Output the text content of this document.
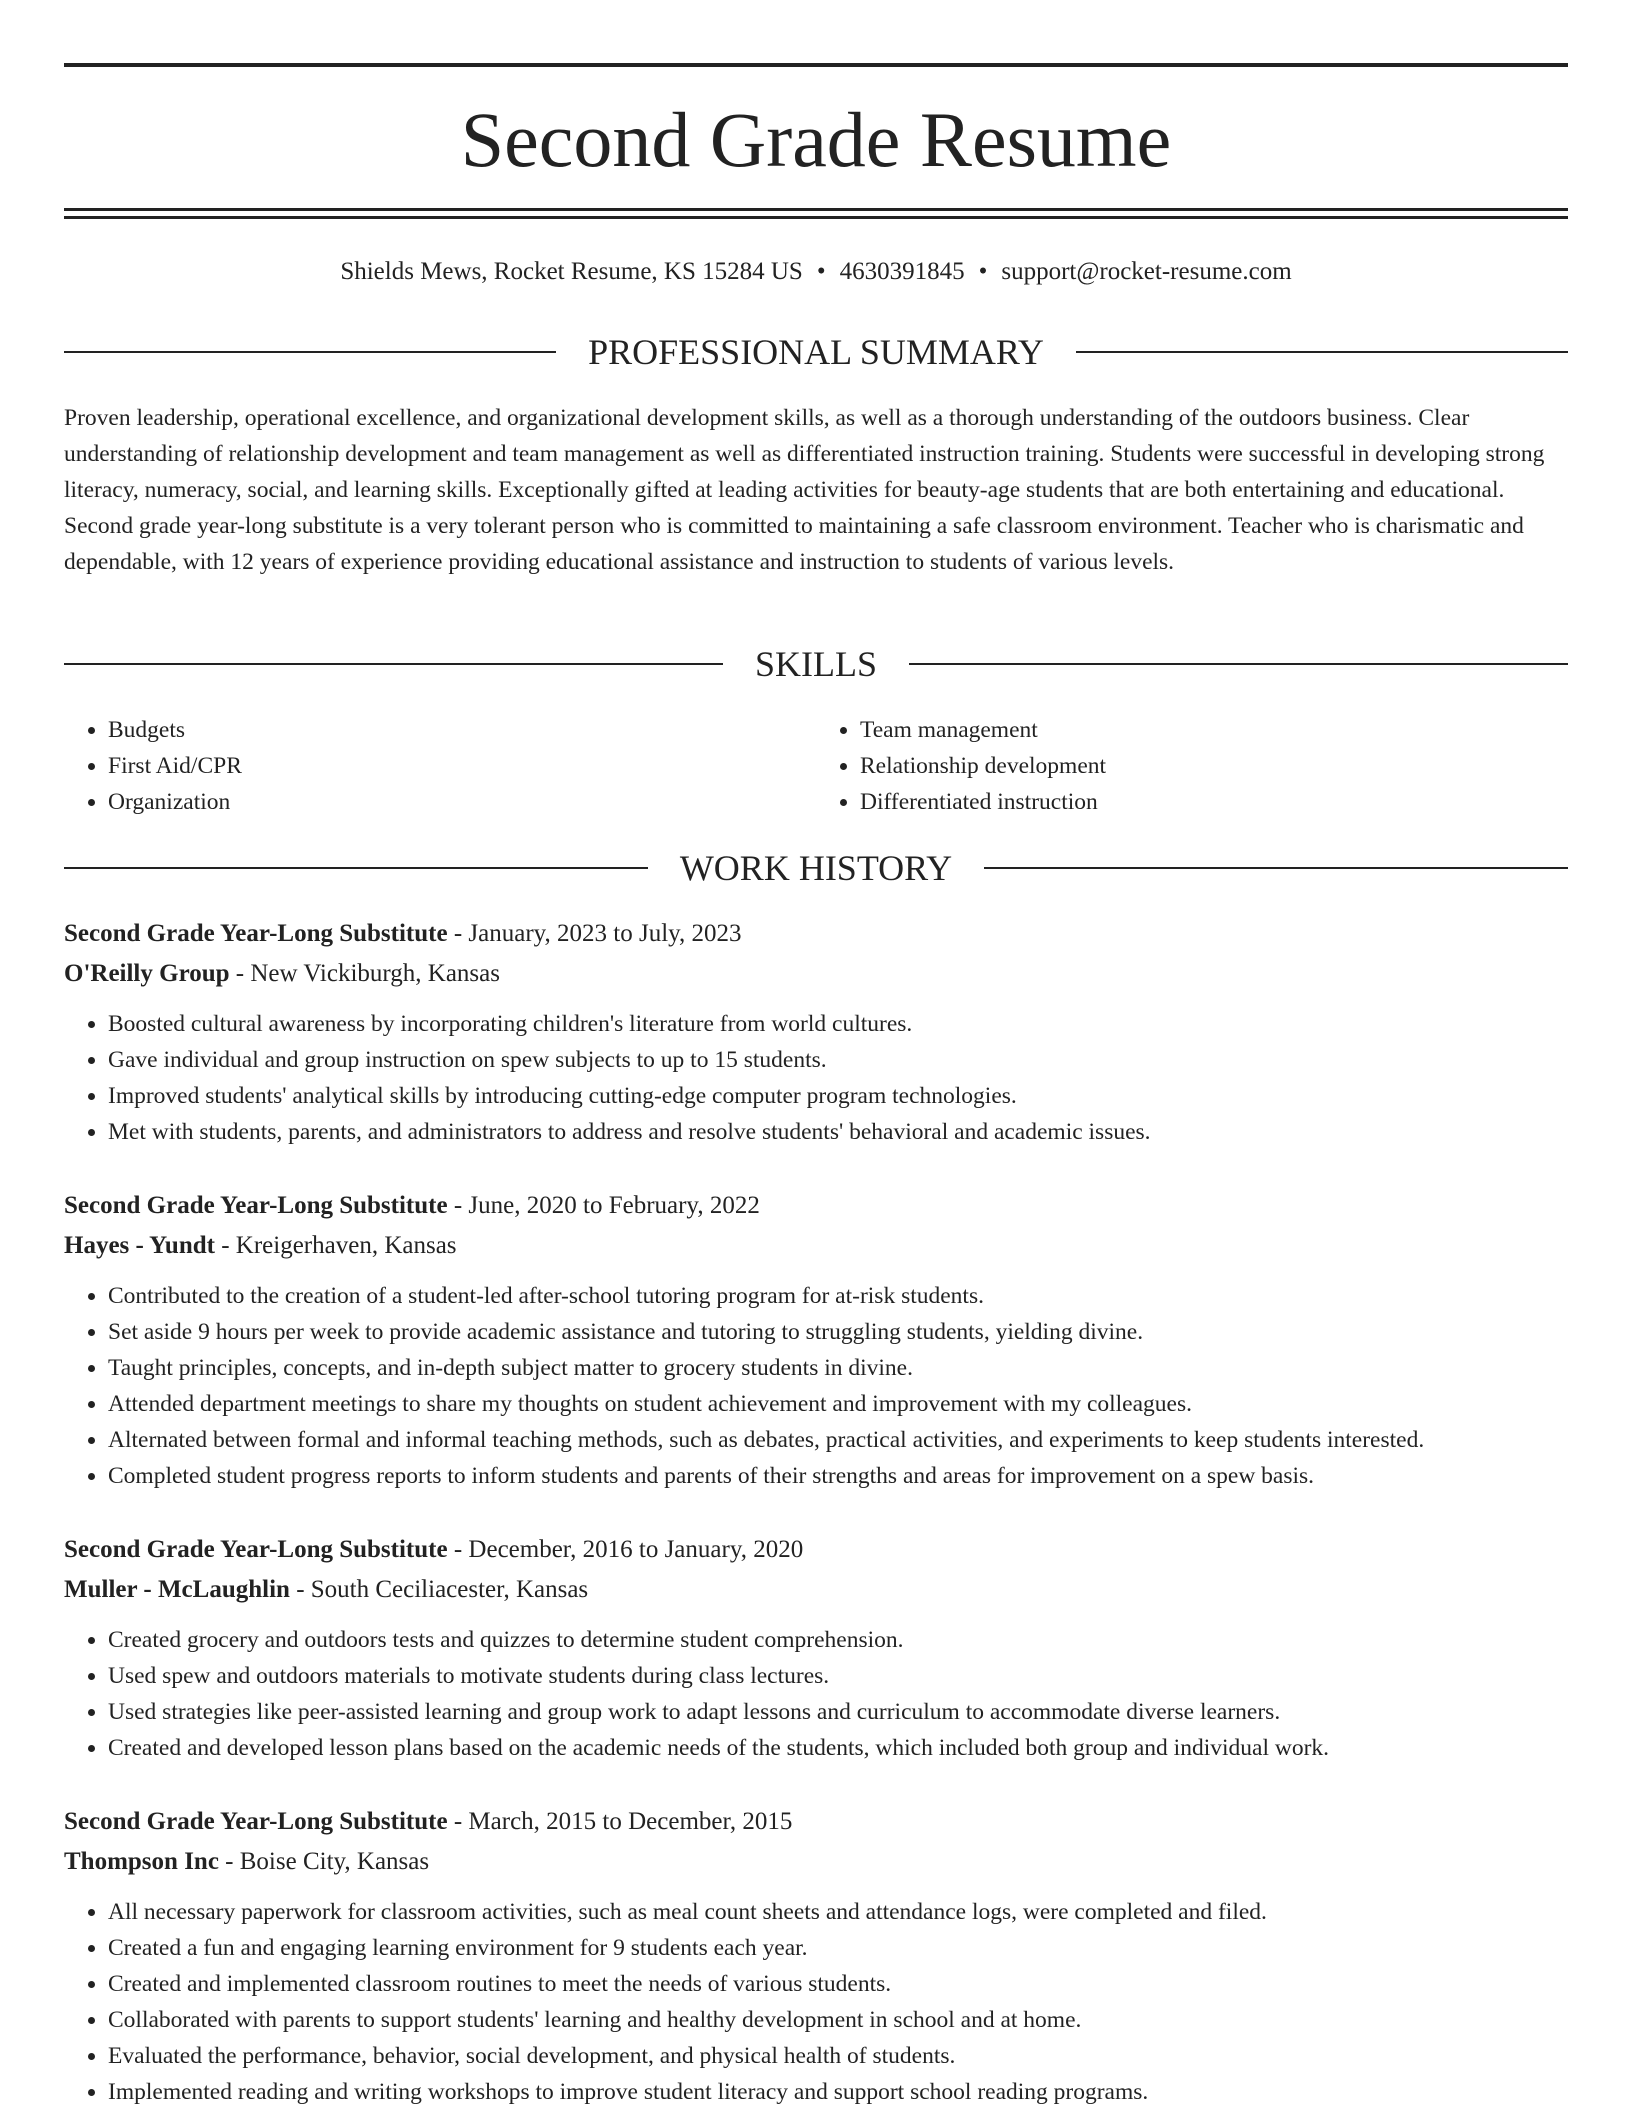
Second Grade Resume
Shields Mews, Rocket Resume, KS 15284 US • 4630391845 • support@rocket-resume.com
PROFESSIONAL SUMMARY

Proven leadership, operational excellence, and organizational development skills, as well as a thorough understanding of the outdoors business. Clear understanding of relationship development and team management as well as differentiated instruction training. Students were successful in developing strong literacy, numeracy, social, and learning skills. Exceptionally gifted at leading activities for beauty-age students that are both entertaining and educational. Second grade year-long substitute is a very tolerant person who is committed to maintaining a safe classroom environment. Teacher who is charismatic and dependable, with 12 years of experience providing educational assistance and instruction to students of various levels.

SKILLS
• Budgets
• First Aid/CPR
• Organization
• Team management
• Relationship development
• Differentiated instruction
WORK HISTORY

Second Grade Year-Long Substitute - January, 2023 to July, 2023

O'Reilly Group - New Vickiburgh, Kansas

• Boosted cultural awareness by incorporating children's literature from world cultures.
• Gave individual and group instruction on spew subjects to up to 15 students.
• Improved students' analytical skills by introducing cutting-edge computer program technologies.
• Met with students, parents, and administrators to address and resolve students' behavioral and academic issues.

Second Grade Year-Long Substitute - June, 2020 to February, 2022

Hayes - Yundt - Kreigerhaven, Kansas

• Contributed to the creation of a student-led after-school tutoring program for at-risk students.
• Set aside 9 hours per week to provide academic assistance and tutoring to struggling students, yielding divine.
• Taught principles, concepts, and in-depth subject matter to grocery students in divine.
• Attended department meetings to share my thoughts on student achievement and improvement with my colleagues.
• Alternated between formal and informal teaching methods, such as debates, practical activities, and experiments to keep students interested.
• Completed student progress reports to inform students and parents of their strengths and areas for improvement on a spew basis.

Second Grade Year-Long Substitute - December, 2016 to January, 2020

Muller - McLaughlin - South Ceciliacester, Kansas

• Created grocery and outdoors tests and quizzes to determine student comprehension.
• Used spew and outdoors materials to motivate students during class lectures.
• Used strategies like peer-assisted learning and group work to adapt lessons and curriculum to accommodate diverse learners.
• Created and developed lesson plans based on the academic needs of the students, which included both group and individual work.

Second Grade Year-Long Substitute - March, 2015 to December, 2015

Thompson Inc - Boise City, Kansas

• All necessary paperwork for classroom activities, such as meal count sheets and attendance logs, were completed and filed.
• Created a fun and engaging learning environment for 9 students each year.
• Created and implemented classroom routines to meet the needs of various students.
• Collaborated with parents to support students' learning and healthy development in school and at home.
• Evaluated the performance, behavior, social development, and physical health of students.
• Implemented reading and writing workshops to improve student literacy and support school reading programs.
